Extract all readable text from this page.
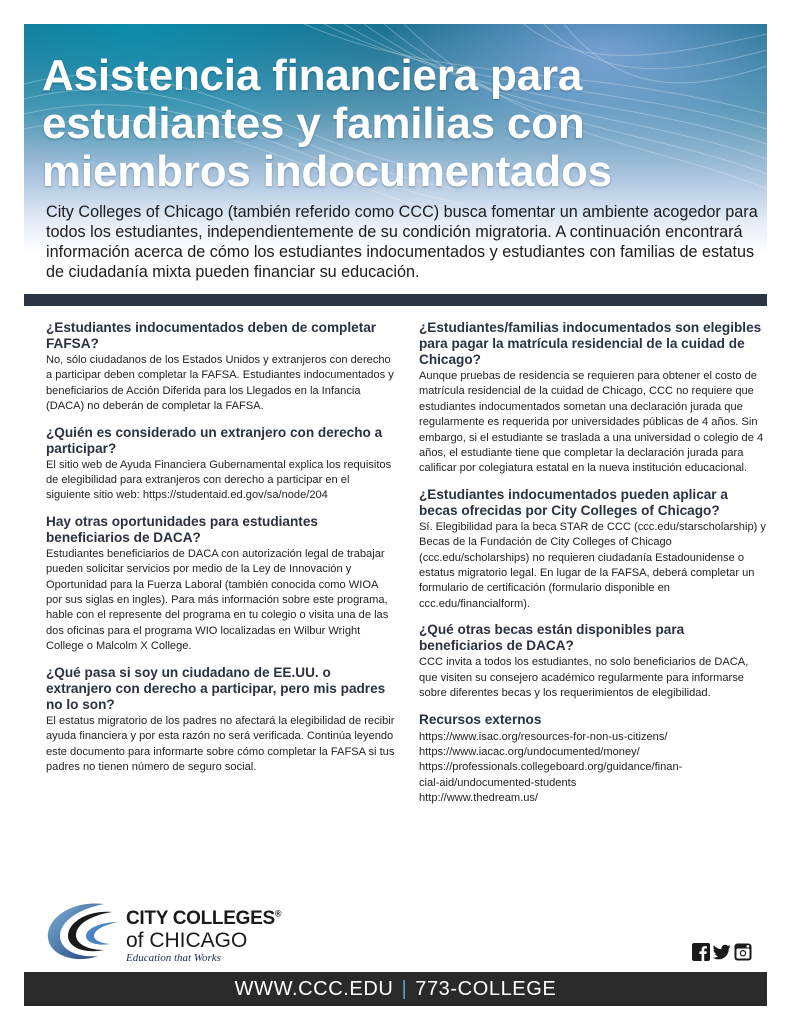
Asistencia financiera para
estudiantes y familias con
miembros indocumentados

City Colleges of Chicago (también referido como CCC) busca fomentar un ambiente acogedor para todos los estudiantes, independientemente de su condición migratoria. A continuación encontrará información acerca de cómo los estudiantes indocumentados y estudiantes con familias de estatus de ciudadanía mixta pueden financiar su educación.

¿Estudiantes indocumentados deben de completar FAFSA?

No, sólo ciudadanos de los Estados Unidos y extranjeros con derecho a participar deben completar la FAFSA. Estudiantes indocumentados y beneficiarios de Acción Diferida para los Llegados en la Infancia (DACA) no deberán de completar la FAFSA.

¿Quién es considerado un extranjero con derecho a participar?

El sitio web de Ayuda Financiera Gubernamental explica los requisitos de elegibilidad para extranjeros con derecho a participar en el siguiente sitio web: https://studentaid.ed.gov/sa/node/204

Hay otras oportunidades para estudiantes beneficiarios de DACA?

Estudiantes beneficiarios de DACA con autorización legal de trabajar pueden solicitar servicios por medio de la Ley de Innovación y Oportunidad para la Fuerza Laboral (también conocida como WIOA por sus siglas en ingles). Para más información sobre este programa, hable con el represente del programa en tu colegio o visita una de las dos oficinas para el programa WIO localizadas en Wilbur Wright College o Malcolm X College.

¿Qué pasa si soy un ciudadano de EE.UU. o extranjero con derecho a participar, pero mis padres no lo son?

El estatus migratorio de los padres no afectará la elegibilidad de recibir ayuda financiera y por esta razón no será verificada. Continúa leyendo este documento para informarte sobre cómo completar la FAFSA si tus padres no tienen número de seguro social.

¿Estudiantes/familias indocumentados son elegibles para pagar la matrícula residencial de la cuidad de Chicago?

Aunque pruebas de residencia se requieren para obtener el costo de matrícula residencial de la cuidad de Chicago, CCC no requiere que estudiantes indocumentados sometan una declaración jurada que regularmente es requerida por universidades públicas de 4 años. Sin embargo, si el estudiante se traslada a una universidad o colegio de 4 años, el estudiante tiene que completar la declaración jurada para calificar por colegiatura estatal en la nueva institución educacional.

¿Estudiantes indocumentados pueden aplicar a becas ofrecidas por City Colleges of Chicago?

Sí. Elegibilidad para la beca STAR de CCC (ccc.edu/starscholarship) y Becas de la Fundación de City Colleges of Chicago (ccc.edu/scholarships) no requieren ciudadanía Estadounidense o estatus migratorio legal. En lugar de la FAFSA, deberá completar un formulario de certificación (formulario disponible en ccc.edu/financialform).

¿Qué otras becas están disponibles para beneficiarios de DACA?

CCC invita a todos los estudiantes, no solo beneficiarios de DACA, que visiten su consejero académico regularmente para informarse sobre diferentes becas y los requerimientos de elegibilidad.

Recursos externos
https://www.isac.org/resources-for-non-us-citizens/
https://www.iacac.org/undocumented/money/
https://professionals.collegeboard.org/guidance/finan-
cial-aid/undocumented-students
http://www.thedream.us/
CITY COLLEGES®
of CHICAGO
Education that Works
WWW.CCC.EDU | 773-COLLEGE
